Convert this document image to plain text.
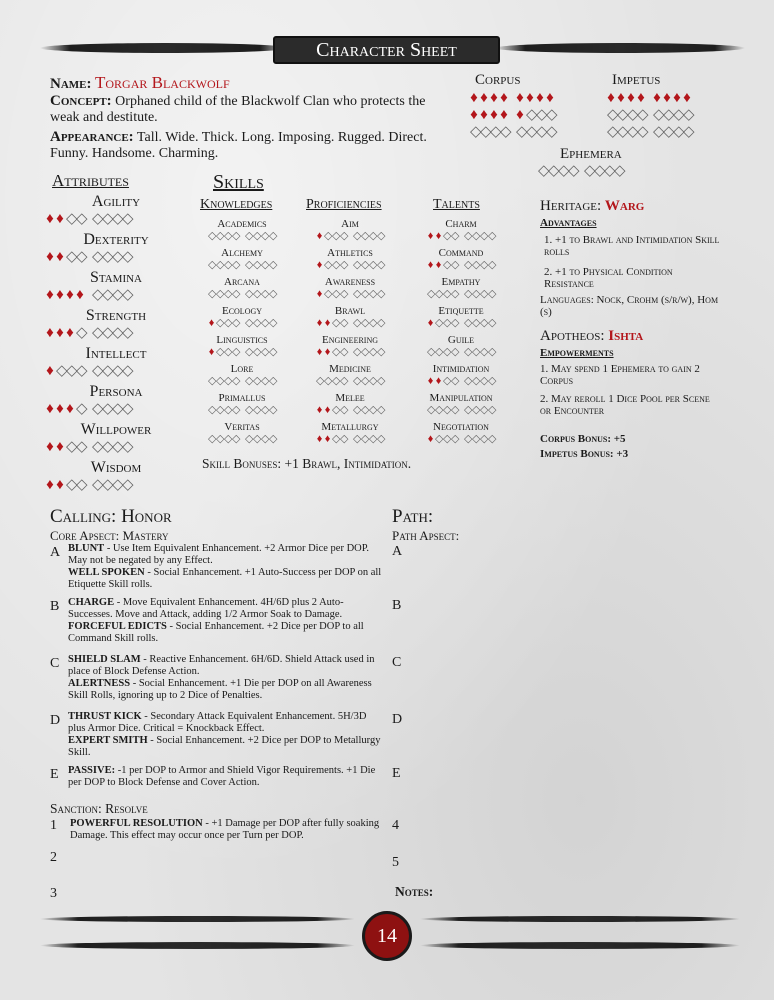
Character Sheet
Name: Torgar Blackwolf
Concept: Orphaned child of the Blackwolf Clan who protects the weak and destitute.
Appearance: Tall. Wide. Thick. Long. Imposing. Rugged. Direct. Funny. Handsome. Charming.
Corpus	Impetus
♦ ♦ ♦ ♦ ♦ ♦ ♦ ♦
♦ ♦ ♦ ♦ ♦ ◇
◇
◇
◇
◇
◇
◇ ◇
◇
◇
◇
♦ ♦ ♦ ♦ ♦ ♦ ♦ ♦
◇
◇
◇
◇ ◇
◇
◇
◇
◇
◇
◇
◇ ◇
◇
◇
◇
Ephemera
◇
◇
◇
◇ ◇
◇
◇
◇
Attributes
Agility
♦ ♦ ◇
◇ ◇
◇
◇
◇
Dexterity
♦ ♦ ◇
◇ ◇
◇
◇
◇
Stamina
♦ ♦ ♦ ♦ ◇
◇
◇
◇
Strength
♦ ♦ ♦ ◇ ◇
◇
◇
◇
Intellect
♦ ◇
◇
◇ ◇
◇
◇
◇
Persona
♦ ♦ ♦ ◇ ◇
◇
◇
◇
Willpower
♦ ♦ ◇
◇ ◇
◇
◇
◇
Wisdom
♦ ♦ ◇
◇ ◇
◇
◇
◇
Skills
Knowledges Proficiencies	Talents
Academics
◇ ◇ ◇ ◇ ◇ ◇ ◇ ◇
Alchemy
◇ ◇ ◇ ◇ ◇ ◇ ◇ ◇
Arcana
◇ ◇ ◇ ◇ ◇ ◇ ◇ ◇
Ecology
♦ ◇ ◇ ◇ ◇ ◇ ◇ ◇
Linguistics
♦ ◇ ◇ ◇ ◇ ◇ ◇ ◇
Lore
◇ ◇ ◇ ◇ ◇ ◇ ◇ ◇
Primallus
◇ ◇ ◇ ◇ ◇ ◇ ◇ ◇
Veritas
◇ ◇ ◇ ◇ ◇ ◇ ◇ ◇
Aim
♦ ◇ ◇ ◇ ◇ ◇ ◇ ◇
Athletics
♦ ◇ ◇ ◇ ◇ ◇ ◇ ◇
Awareness
♦ ◇ ◇ ◇ ◇ ◇ ◇ ◇
Brawl
♦ ♦ ◇ ◇ ◇ ◇ ◇ ◇
Engineering
♦ ♦ ◇ ◇ ◇ ◇ ◇ ◇
Medicine
◇ ◇ ◇ ◇ ◇ ◇ ◇ ◇
Melee
♦ ♦ ◇ ◇ ◇ ◇ ◇ ◇
Metallurgy
♦ ♦ ◇ ◇ ◇ ◇ ◇ ◇
Charm
♦ ♦ ◇ ◇ ◇ ◇ ◇ ◇
Command
♦ ♦ ◇ ◇ ◇ ◇ ◇ ◇
Empathy
◇ ◇ ◇ ◇ ◇ ◇ ◇ ◇
Etiquette
♦ ◇ ◇ ◇ ◇ ◇ ◇ ◇
Guile
◇ ◇ ◇ ◇ ◇ ◇ ◇ ◇
Intimidation
♦ ♦ ◇ ◇ ◇ ◇ ◇ ◇
Manipulation
◇ ◇ ◇ ◇ ◇ ◇ ◇ ◇
Negotiation
♦ ◇ ◇ ◇ ◇ ◇ ◇ ◇
Skill Bonuses: +1 Brawl, Intimidation.
Heritage: Warg
Advantages
1. +1 to Brawl and Intimidation Skill rolls
2. +1 to Physical Condition Resistance
Languages: Nock, Crohm (s/r/w), Hom (s)
Apotheos: Ishta
Empowerments
1. May spend 1 Ephemera to gain 2 Corpus
2. May reroll 1 Dice Pool per Scene or Encounter
Corpus Bonus: +5
Impetus Bonus: +3
Calling: Honor
Core Apsect: Mastery
A BLUNT - Use Item Equivalent Enhancement. +2 Armor Dice per DOP. May not be negated by any Effect.
WELL SPOKEN - Social Enhancement. +1 Auto-Success per DOP on all Etiquette Skill rolls.
B CHARGE - Move Equivalent Enhancement. 4H/6D plus 2 Auto-Successes. Move and Attack, adding 1/2 Armor Soak to Damage.
FORCEFUL EDICTS - Social Enhancement. +2 Dice per DOP to all Command Skill rolls.
C SHIELD SLAM - Reactive Enhancement. 6H/6D. Shield Attack used in place of Block Defense Action.
ALERTNESS - Social Enhancement. +1 Die per DOP on all Awareness Skill Rolls, ignoring up to 2 Dice of Penalties.
D THRUST KICK - Secondary Attack Equivalent Enhancement. 5H/3D plus Armor Dice. Critical = Knockback Effect.
EXPERT SMITH - Social Enhancement. +2 Dice per DOP to Metallurgy Skill.
E PASSIVE: -1 per DOP to Armor and Shield Vigor Requirements. +1 Die per DOP to Block Defense and Cover Action.
Sanction: Resolve
1 POWERFUL RESOLUTION - +1 Damage per DOP after fully soaking Damage. This effect may occur once per Turn per DOP.
2
3
Path:
Path Apsect:
A
B
C
D
E
4
5
Notes:
14
